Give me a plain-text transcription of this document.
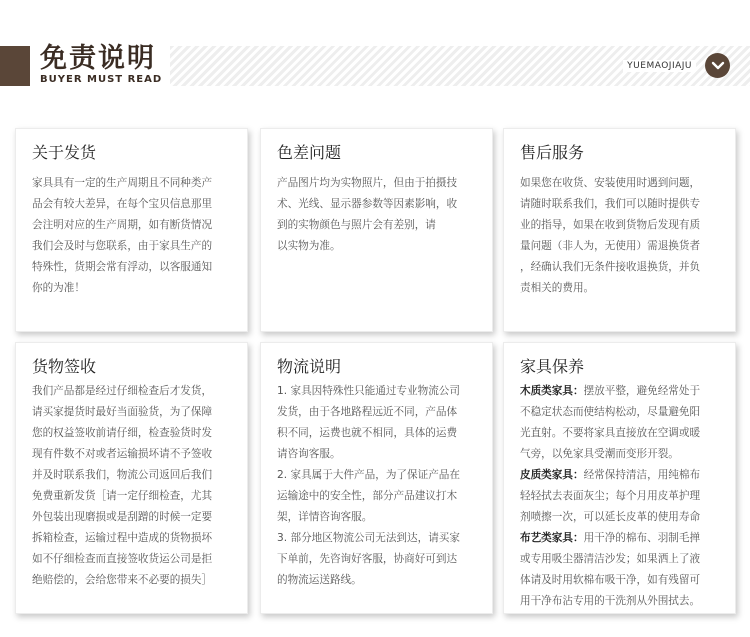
免责说明
BUYER MUST READ
YUEMAOJIAJU
关于发货
家具具有一定的生产周期且不同种类产
品会有较大差异，在每个宝贝信息那里
会注明对应的生产周期，如有断货情况
我们会及时与您联系，由于家具生产的
特殊性，货期会常有浮动，以客服通知
你的为准！
色差问题
产品图片均为实物照片，但由于拍摄技
术、光线、显示器参数等因素影响，收
到的实物颜色与照片会有差别，请
以实物为准。
售后服务
如果您在收货、安装使用时遇到问题，
请随时联系我们，我们可以随时提供专
业的指导，如果在收到货物后发现有质
量问题（非人为，无使用）需退换货者
，经确认我们无条件接收退换货，并负
责相关的费用。
货物签收
我们产品都是经过仔细检查后才发货，
请买家提货时最好当面验货，为了保障
您的权益签收前请仔细，检查验货时发
现有件数不对或者运输损坏请不予签收
并及时联系我们，物流公司返回后我们
免费重新发货［请一定仔细检查，尤其
外包装出现磨损或是刮蹭的时候一定要
拆箱检查，运输过程中造成的货物损坏
如不仔细检查而直接签收货运公司是拒
绝赔偿的，会给您带来不必要的损失］
物流说明
1. 家具因特殊性只能通过专业物流公司
发货，由于各地路程远近不同，产品体
积不同，运费也就不相同，具体的运费
请咨询客服。
2. 家具属于大件产品，为了保证产品在
运输途中的安全性，部分产品建议打木
架，详情咨询客服。
3. 部分地区物流公司无法到达，请买家
下单前，先咨询好客服，协商好可到达
的物流运送路线。
家具保养
木质类家具：摆放平整，避免经常处于
不稳定状态而使结构松动，尽量避免阳
光直射。不要将家具直接放在空调或暖
气旁，以免家具受潮而变形开裂。
皮质类家具：经常保持清洁，用纯棉布
轻轻拭去表面灰尘；每个月用皮革护理
剂喷擦一次，可以延长皮革的使用寿命
布艺类家具：用干净的棉布、羽制毛掸
或专用吸尘器清洁沙发；如果洒上了液
体请及时用软棉布吸干净，如有残留可
用干净布沾专用的干洗剂从外围拭去。
